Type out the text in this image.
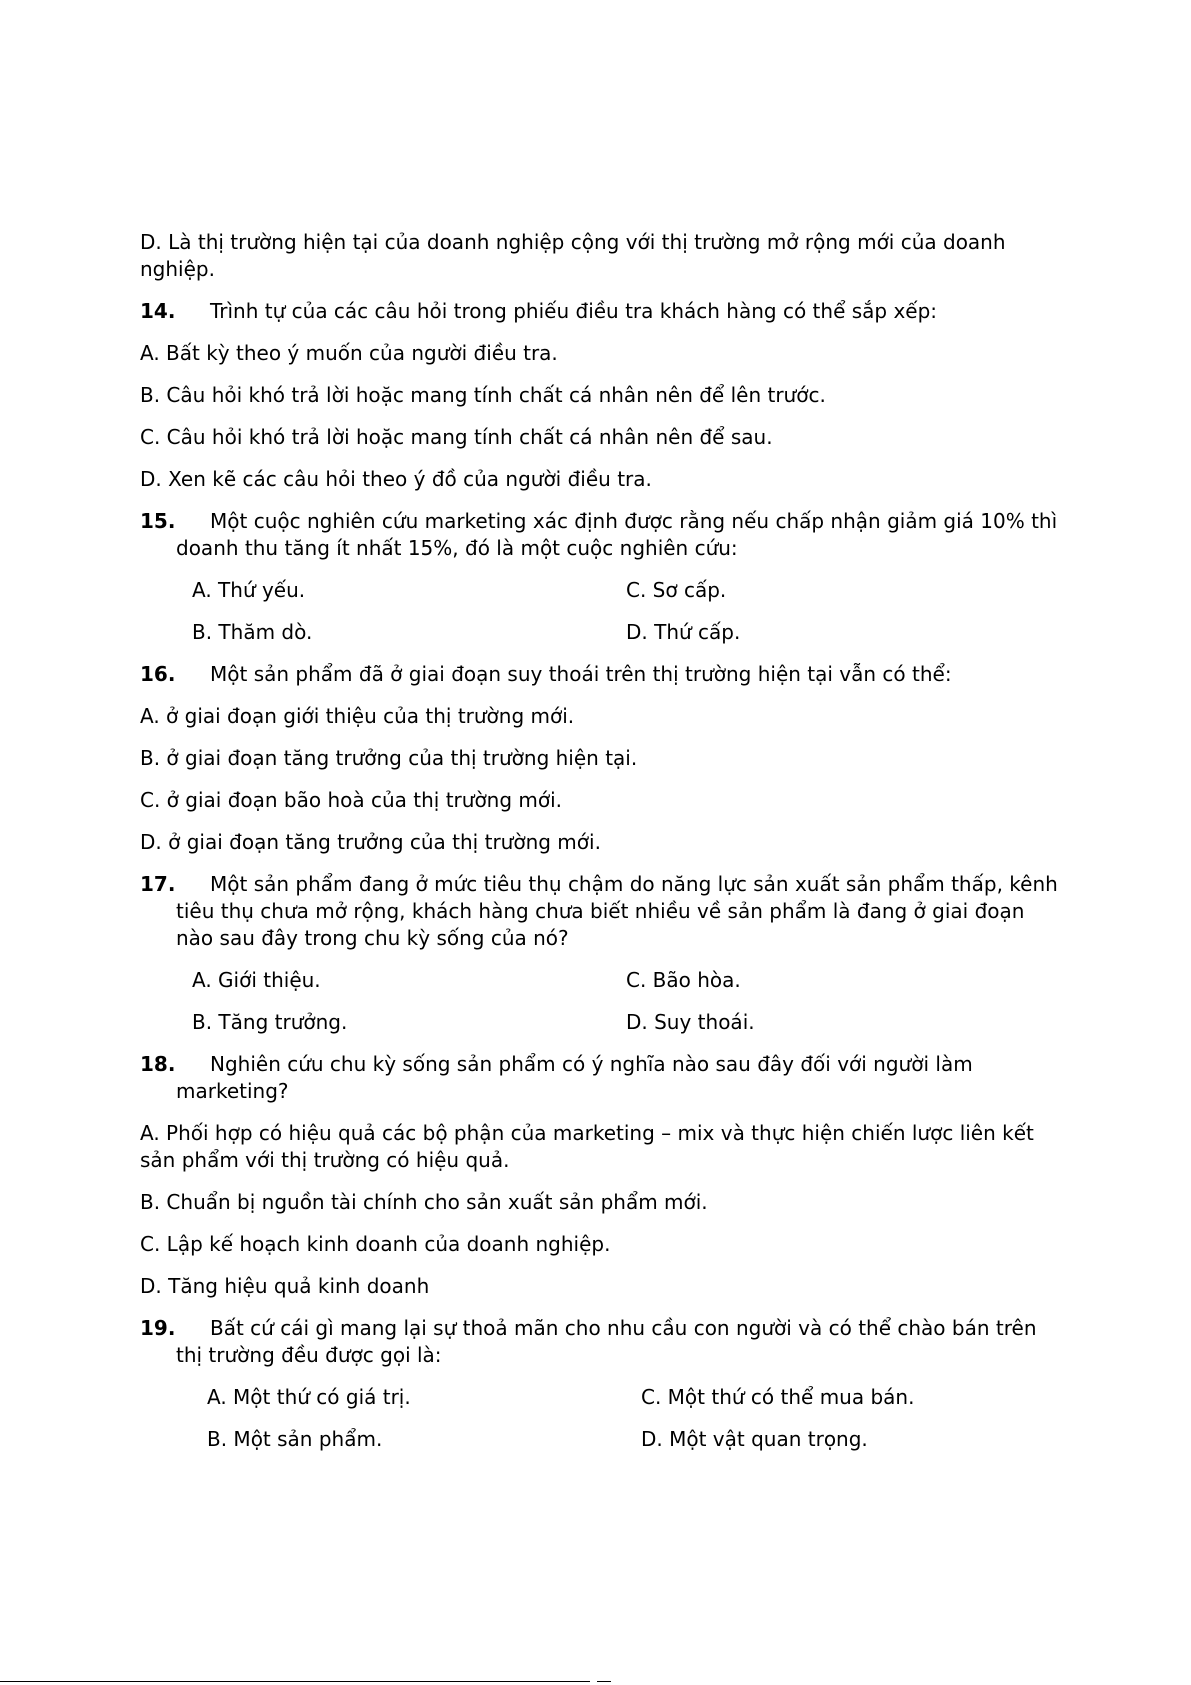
D. Là thị trường hiện tại của doanh nghiệp cộng với thị trường mở rộng mới của doanh nghiệp.

14. Trình tự của các câu hỏi trong phiếu điều tra khách hàng có thể sắp xếp:

A. Bất kỳ theo ý muốn của người điều tra.

B. Câu hỏi khó trả lời hoặc mang tính chất cá nhân nên để lên trước.

C. Câu hỏi khó trả lời hoặc mang tính chất cá nhân nên để sau.

D. Xen kẽ các câu hỏi theo ý đồ của người điều tra.

15. Một cuộc nghiên cứu marketing xác định được rằng nếu chấp nhận giảm giá 10% thì doanh thu tăng ít nhất 15%, đó là một cuộc nghiên cứu:

A. Thứ yếu.	C. Sơ cấp.
B. Thăm dò.	D. Thứ cấp.

16. Một sản phẩm đã ở giai đoạn suy thoái trên thị trường hiện tại vẫn có thể:

A. ở giai đoạn giới thiệu của thị trường mới.

B. ở giai đoạn tăng trưởng của thị trường hiện tại.

C. ở giai đoạn bão hoà của thị trường mới.

D. ở giai đoạn tăng trưởng của thị trường mới.

17. Một sản phẩm đang ở mức tiêu thụ chậm do năng lực sản xuất sản phẩm thấp, kênh tiêu thụ chưa mở rộng, khách hàng chưa biết nhiều về sản phẩm là đang ở giai đoạn nào sau đây trong chu kỳ sống của nó?

A. Giới thiệu.	C. Bão hòa.
B. Tăng trưởng.	D. Suy thoái.

18. Nghiên cứu chu kỳ sống sản phẩm có ý nghĩa nào sau đây đối với người làm marketing?

A. Phối hợp có hiệu quả các bộ phận của marketing – mix và thực hiện chiến lược liên kết sản phẩm với thị trường có hiệu quả.

B. Chuẩn bị nguồn tài chính cho sản xuất sản phẩm mới.

C. Lập kế hoạch kinh doanh của doanh nghiệp.

D. Tăng hiệu quả kinh doanh

19. Bất cứ cái gì mang lại sự thoả mãn cho nhu cầu con người và có thể chào bán trên thị trường đều được gọi là:

A. Một thứ có giá trị.	C. Một thứ có thể mua bán.
B. Một sản phẩm.	D. Một vật quan trọng.
